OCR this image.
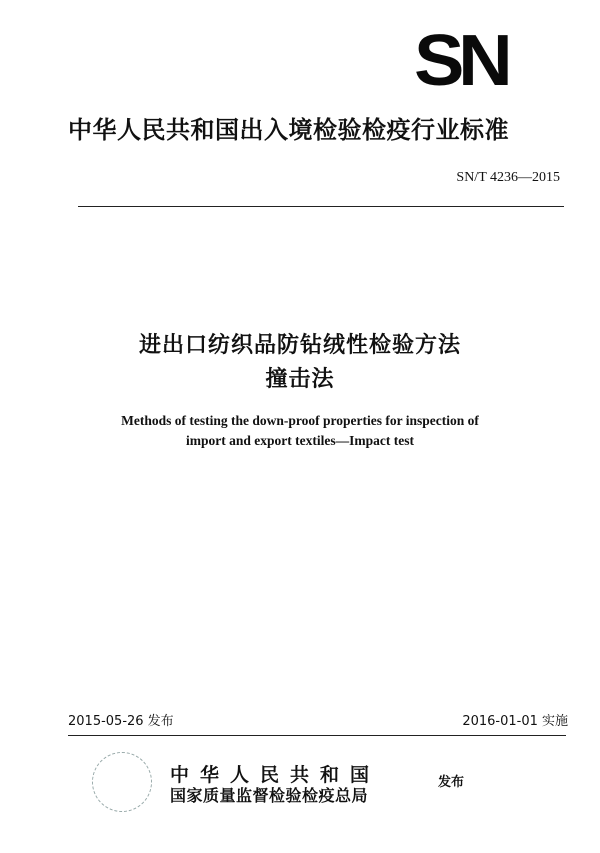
SN
中华人民共和国出入境检验检疫行业标准
SN/T 4236—2015
进出口纺织品防钻绒性检验方法
撞击法
Methods of testing the down-proof properties for inspection of
import and export textiles—Impact test
2015-05-26 发布	2016-01-01 实施
中华人民共和国
国家质量监督检验检疫总局
发布
